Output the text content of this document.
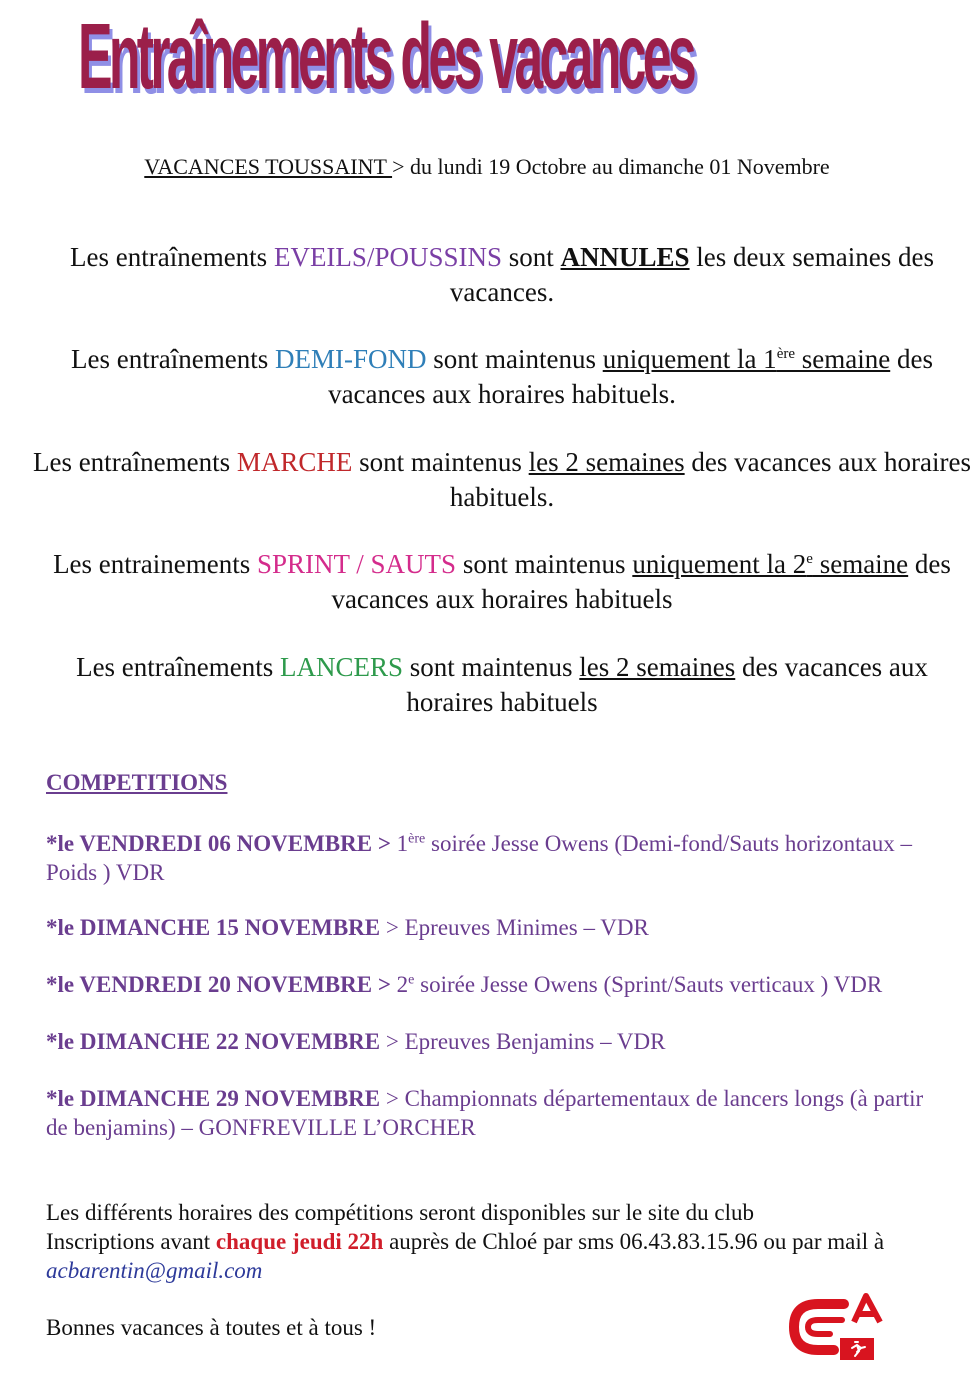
Entraînements des vacances
VACANCES TOUSSAINT > du lundi 19 Octobre au dimanche 01 Novembre
Les entraînements EVEILS/POUSSINS sont ANNULES les deux semaines des vacances.
Les entraînements DEMI-FOND sont maintenus uniquement la 1ère semaine des vacances aux horaires habituels.
Les entraînements MARCHE sont maintenus les 2 semaines des vacances aux horaires habituels.
Les entrainements SPRINT / SAUTS sont maintenus uniquement la 2e semaine des vacances aux horaires habituels
Les entraînements LANCERS sont maintenus les 2 semaines des vacances aux horaires habituels
COMPETITIONS
*le VENDREDI 06 NOVEMBRE > 1ère soirée Jesse Owens (Demi-fond/Sauts horizontaux – Poids ) VDR
*le DIMANCHE 15 NOVEMBRE > Epreuves Minimes – VDR
*le VENDREDI 20 NOVEMBRE > $2^e$ soirée Jesse Owens (Sprint/Sauts verticaux ) VDR
*le DIMANCHE 22 NOVEMBRE > Epreuves Benjamins – VDR
*le DIMANCHE 29 NOVEMBRE > Championnats départementaux de lancers longs (à partir de benjamins) – GONFREVILLE L’ORCHER
Les différents horaires des compétitions seront disponibles sur le site du club
Inscriptions avant chaque jeudi 22h auprès de Chloé par sms 06.43.83.15.96 ou par mail à
acbarentin@gmail.com
Bonnes vacances à toutes et à tous !
